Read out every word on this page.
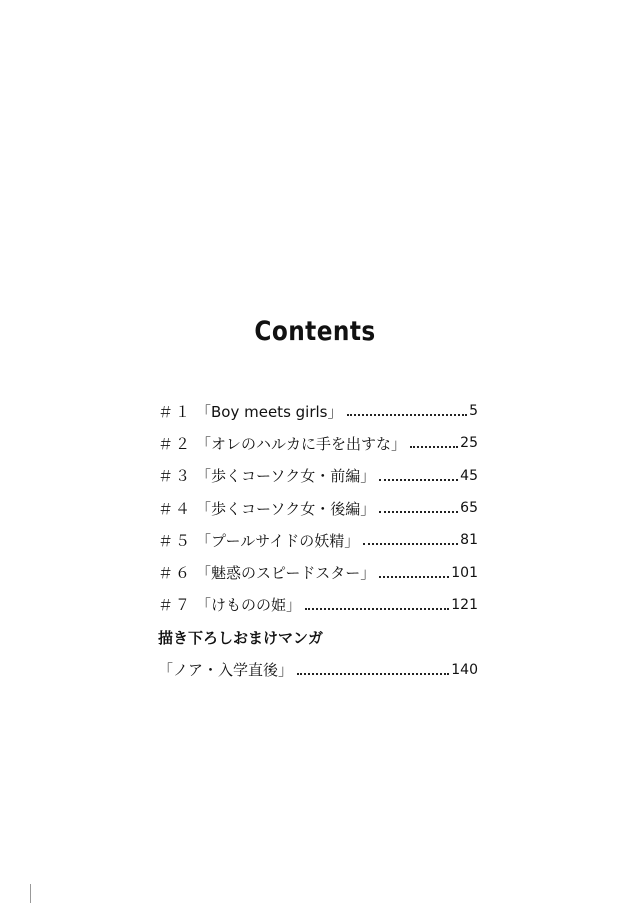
Contents
＃１ 「Boy meets girls」	5
＃２ 「オレのハルカに手を出すな」	25
＃３ 「歩くコーソク女・前編」	45
＃４ 「歩くコーソク女・後編」	65
＃５ 「プールサイドの妖精」	81
＃６ 「魅惑のスピードスター」	101
＃７ 「けものの姫」	121
描き下ろしおまけマンガ
「ノア・入学直後」	140
